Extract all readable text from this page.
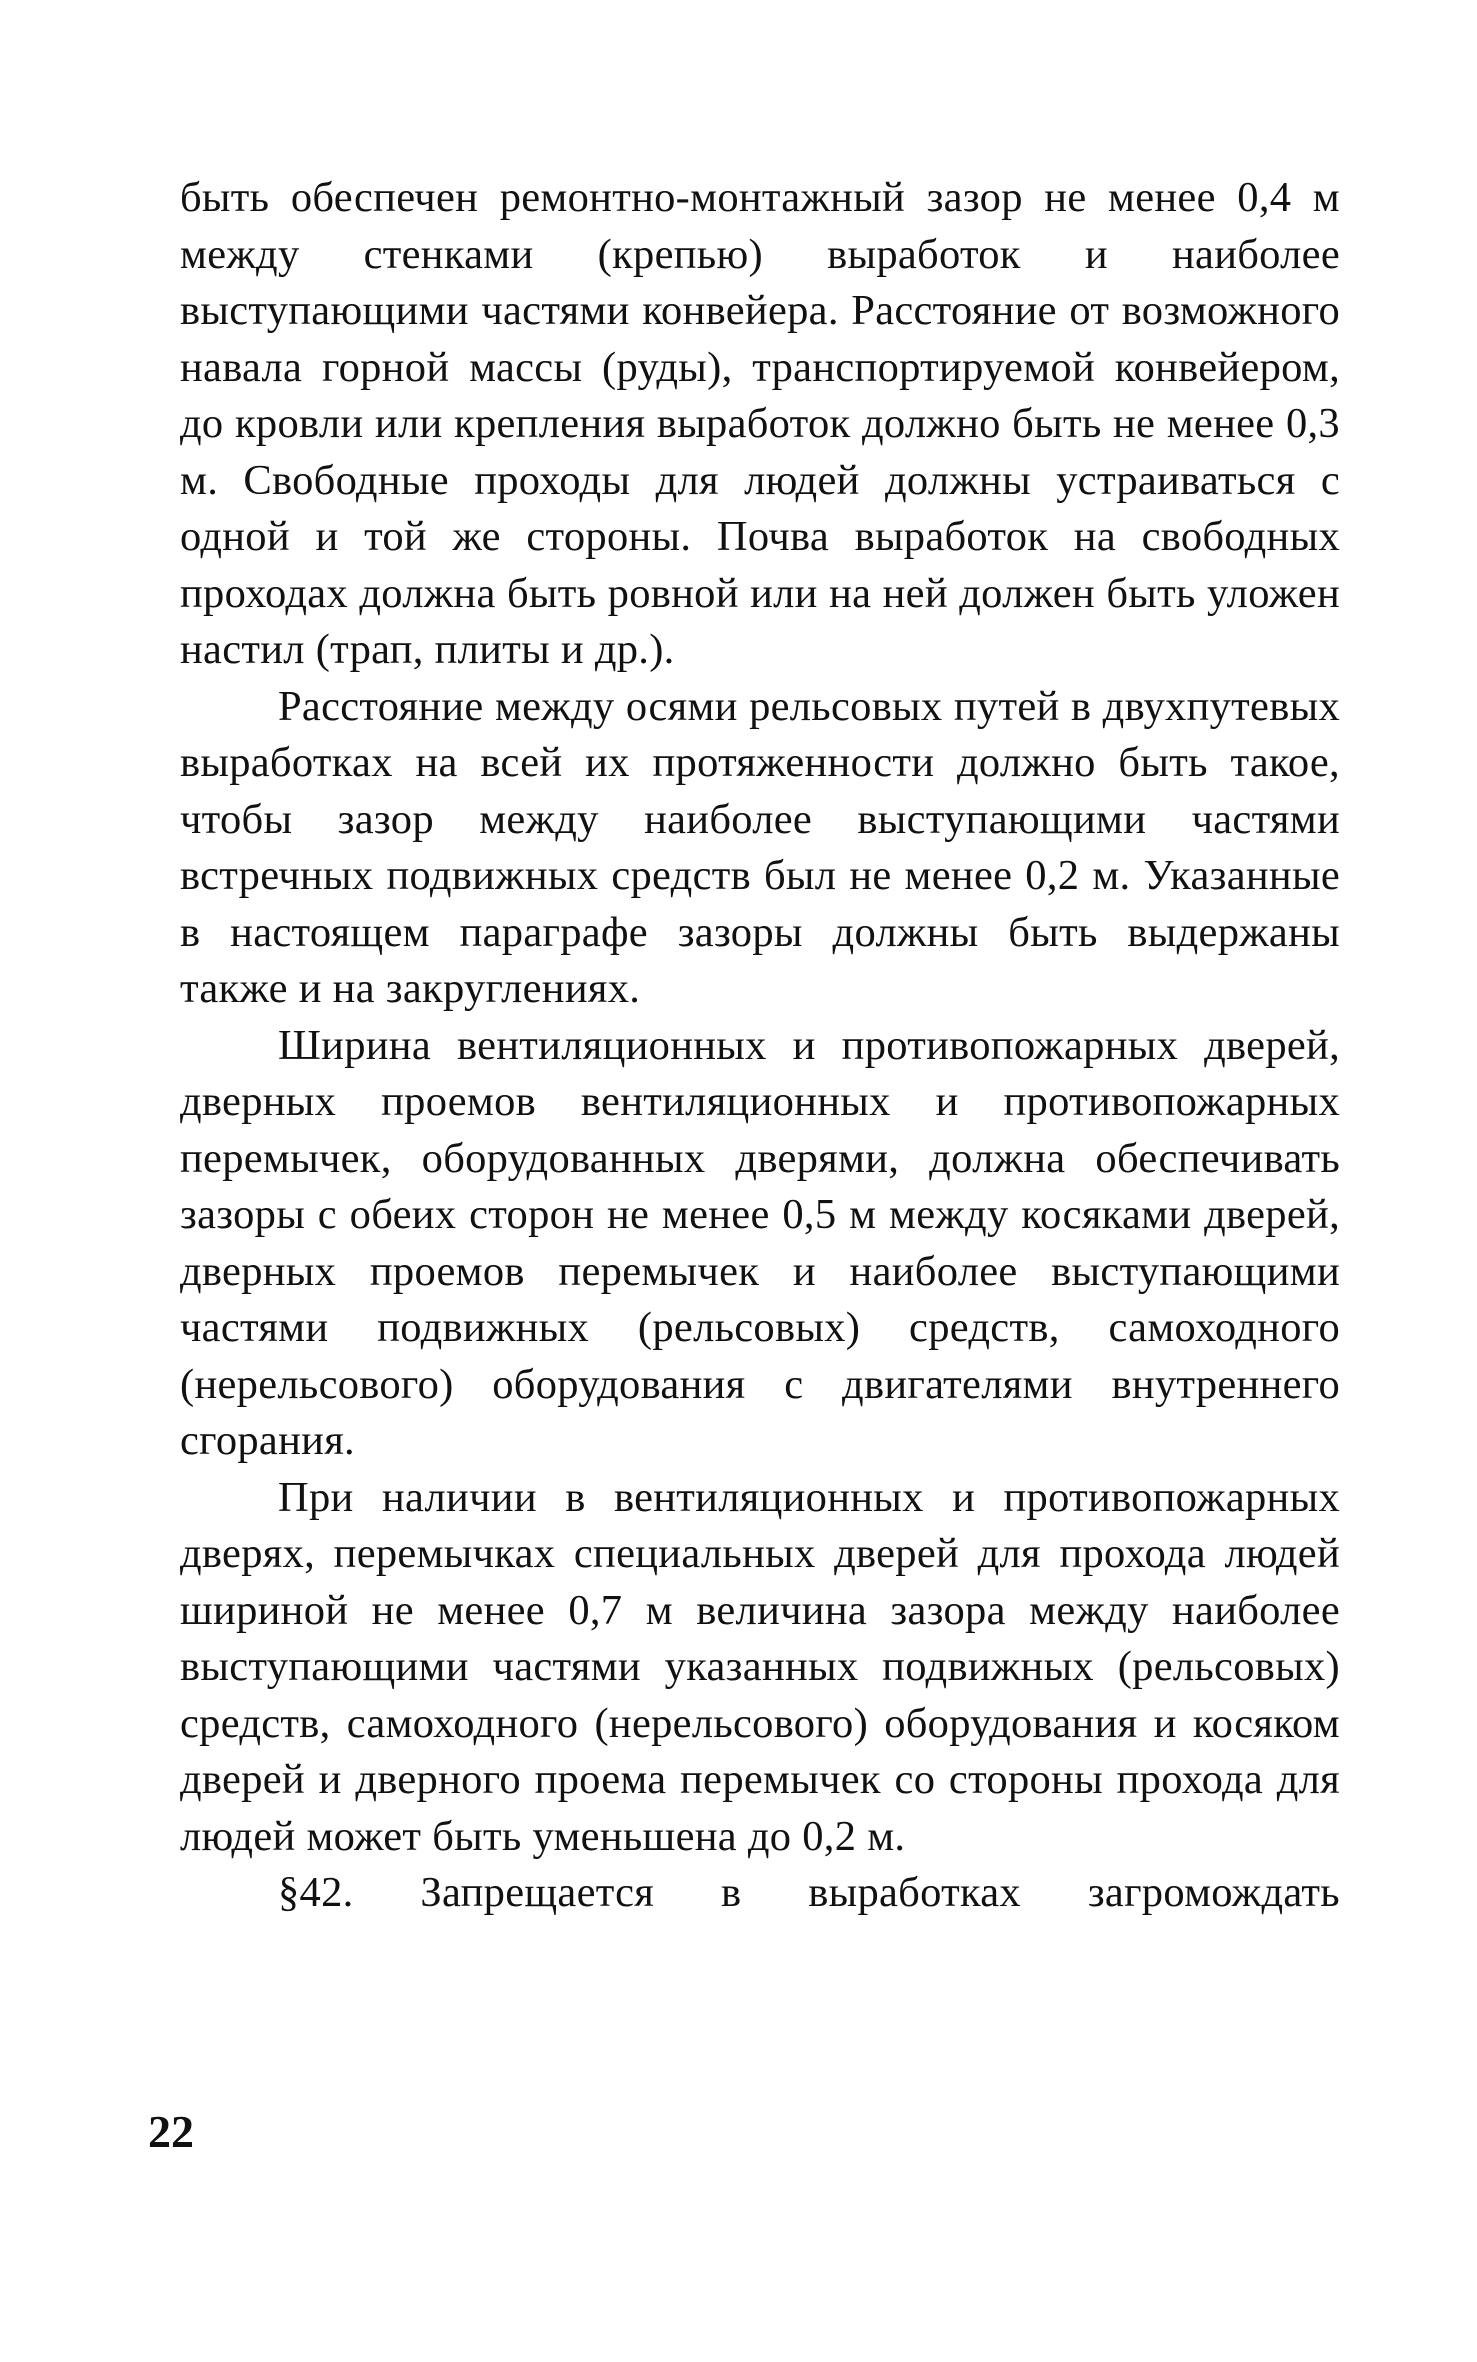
быть обеспечен ремонтно-монтажный зазор не менее 0,4 м между стенками (крепью) выработок и наиболее выступающими частями конвейера. Расстояние от возможного навала горной массы (руды), транспортируемой конвейером, до кровли или крепления выработок должно быть не менее 0,3 м. Свободные проходы для людей должны устраиваться с одной и той же стороны. Почва выработок на свободных проходах должна быть ровной или на ней должен быть уложен настил (трап, плиты и др.).

Расстояние между осями рельсовых путей в двухпутевых выработках на всей их протяженности должно быть такое, чтобы зазор между наиболее выступающими частями встречных подвижных средств был не менее 0,2 м. Указанные в настоящем параграфе зазоры должны быть выдержаны также и на закруглениях.

Ширина вентиляционных и противопожарных дверей, дверных проемов вентиляционных и противопожарных перемычек, оборудованных дверями, должна обеспечивать зазоры с обеих сторон не менее 0,5 м между косяками дверей, дверных проемов перемычек и наиболее выступающими частями подвижных (рельсовых) средств, самоходного (нерельсового) оборудования с двигателями внутреннего сгорания.

При наличии в вентиляционных и противопожарных дверях, перемычках специальных дверей для прохода людей шириной не менее 0,7 м величина зазора между наиболее выступающими частями указанных подвижных (рельсовых) средств, самоходного (нерельсового) оборудования и косяком дверей и дверного проема перемычек со стороны прохода для людей может быть уменьшена до 0,2 м.

§42. Запрещается в выработках загромождать

22
